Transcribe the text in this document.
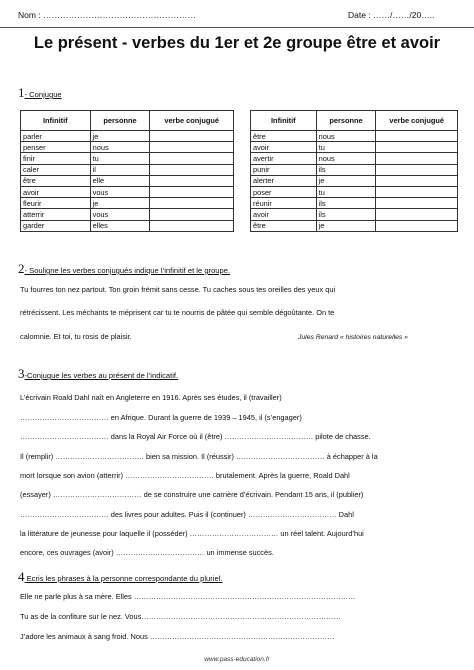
Nom : ………………………………………………	Date : ……/……/20…..
Le présent - verbes du 1er et 2e groupe être et avoir
1- Conjugue
Infinitif	personne	verbe conjugué
parler	je	
penser	nous	
finir	tu	
caler	il	
être	elle	
avoir	vous	
fleurir	je	
atterrir	vous	
garder	elles	
Infinitif	personne	verbe conjugué
être	nous	
avoir	tu	
avertir	nous	
punir	ils	
alerter	je	
poser	tu	
réunir	ils	
avoir	ils	
être	je	
2- Souligne les verbes conjugués indique l’infinitif et le groupe.
Tu fourres ton nez partout. Ton groin frémit sans cesse. Tu caches sous tes oreilles des yeux qui
rétrécissent. Les méchants te méprisent car tu te nourris de pâtée qui semble dégoûtante. On te
calomnie. Et toi, tu rosis de plaisir.	Jules Renard « histoires naturelles »
3-Conjugue les verbes au présent de l’indicatif.
L’écrivain Roald Dahl naît en Angleterre en 1916. Après ses études, il (travailler)
……………………………… en Afrique. Durant la guerre de 1939 – 1945, il (s’engager)
……………………………… dans la Royal Air Force où il (être) ……………………………… pilote de chasse.
Il (remplir) ……………………………… bien sa mission. Il (réussir) ……………………………… à échapper à la
mort lorsque son avion (atterrir) ……………………………… brutalement. Après la guerre, Roald Dahl
(essayer) ……………………………… de se construire une carrière d’écrivain. Pendant 15 ans, il (publier)
……………………………… des livres pour adultes. Puis il (continuer) ……………………………… Dahl
la littérature de jeunesse pour laquelle il (posséder) ……………………………… un réel talent. Aujourd’hui
encore, ces ouvrages (avoir) ……………………………… un immense succès.
4 Ecris les phrases à la personne correspondante du pluriel.
Elle ne parle plus à sa mère. Elles ………………………………………………………………………………
Tu as de la confiture sur le nez. Vous………………………………………………………………………
J’adore les animaux à sang froid. Nous …………………………………………………………………
www.pass-education.fr
